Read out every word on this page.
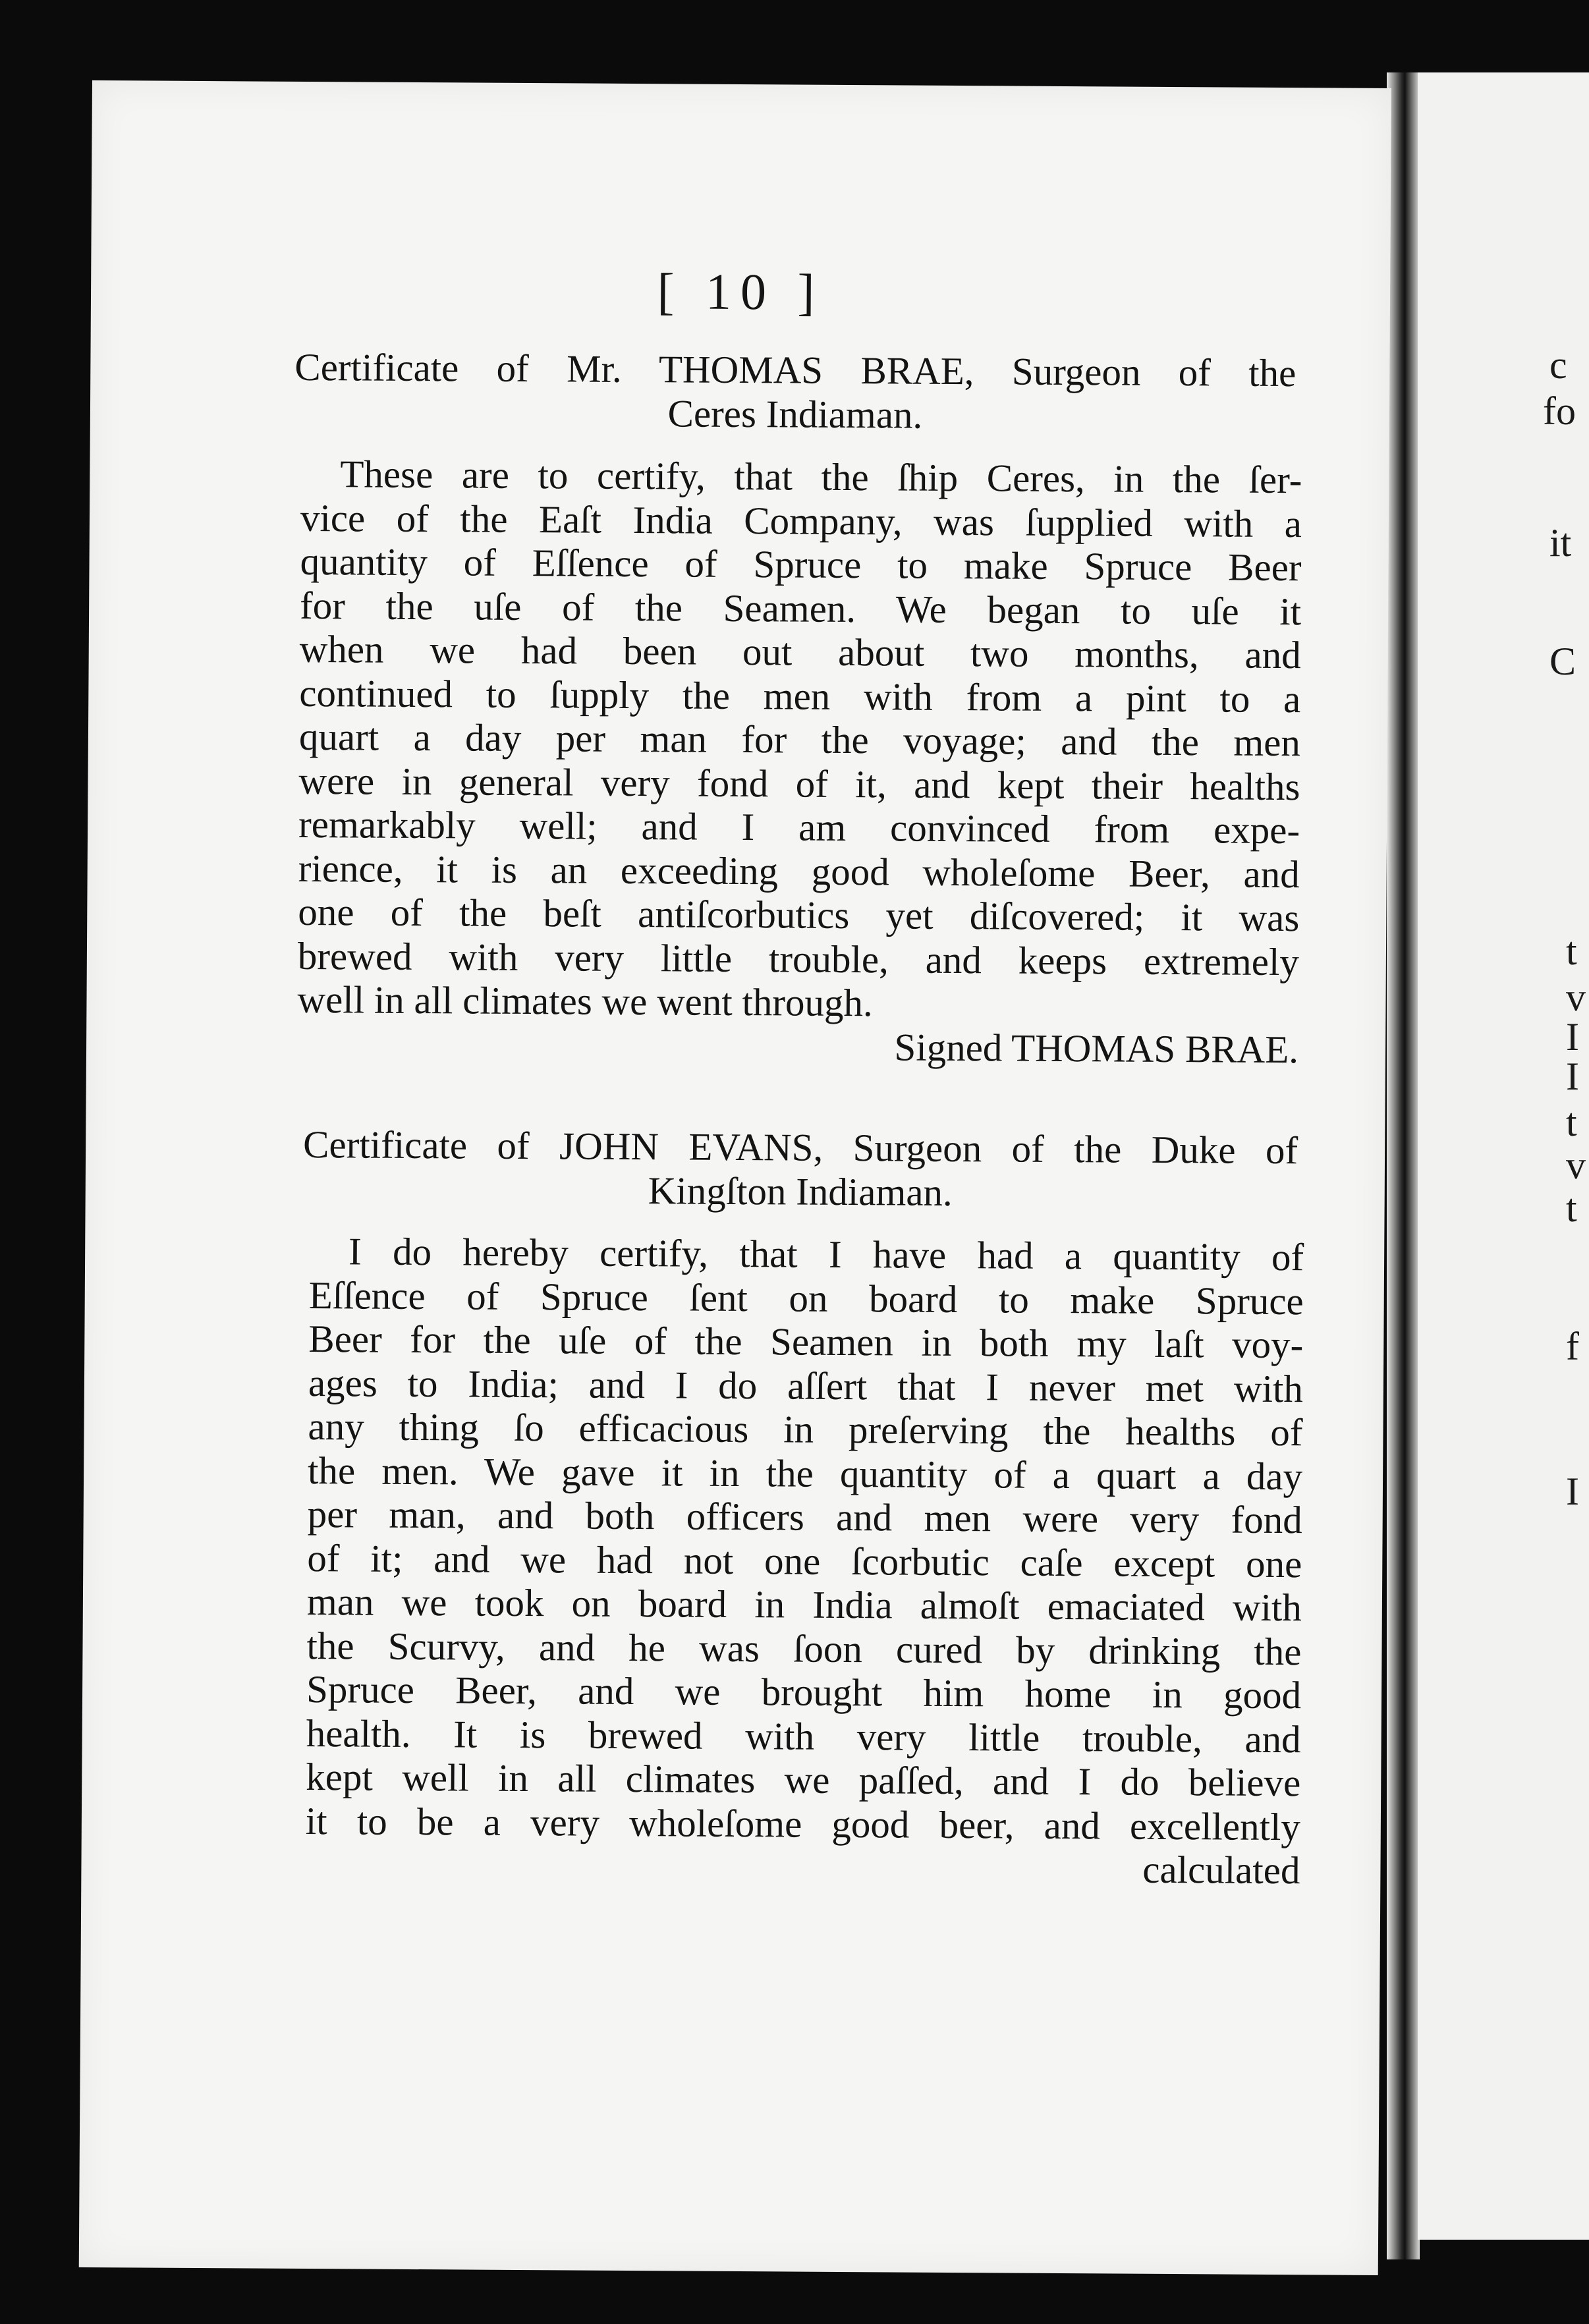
c
fo
it
C
t
v
I
I
t
v
t
f
I
[ 10 ]
Certificate of Mr. THOMAS BRAE, Surgeon of the
Ceres Indiaman.

These are to certify, that the ſhip Ceres, in the ſer-

vice of the Eaſt India Company, was ſupplied with a

quantity of Eſſence of Spruce to make Spruce Beer

for the uſe of the Seamen. We began to uſe it

when we had been out about two months, and

continued to ſupply the men with from a pint to a

quart a day per man for the voyage; and the men

were in general very fond of it, and kept their healths

remarkably well; and I am convinced from expe-

rience, it is an exceeding good wholeſome Beer, and

one of the beſt antiſcorbutics yet diſcovered; it was

brewed with very little trouble, and keeps extremely

well in all climates we went through.

Signed THOMAS BRAE.
Certificate of JOHN EVANS, Surgeon of the Duke of
Kingſton Indiaman.

I do hereby certify, that I have had a quantity of

Eſſence of Spruce ſent on board to make Spruce

Beer for the uſe of the Seamen in both my laſt voy-

ages to India; and I do aſſert that I never met with

any thing ſo efficacious in preſerving the healths of

the men. We gave it in the quantity of a quart a day

per man, and both officers and men were very fond

of it; and we had not one ſcorbutic caſe except one

man we took on board in India almoſt emaciated with

the Scurvy, and he was ſoon cured by drinking the

Spruce Beer, and we brought him home in good

health. It is brewed with very little trouble, and

kept well in all climates we paſſed, and I do believe

it to be a very wholeſome good beer, and excellently

calculated
